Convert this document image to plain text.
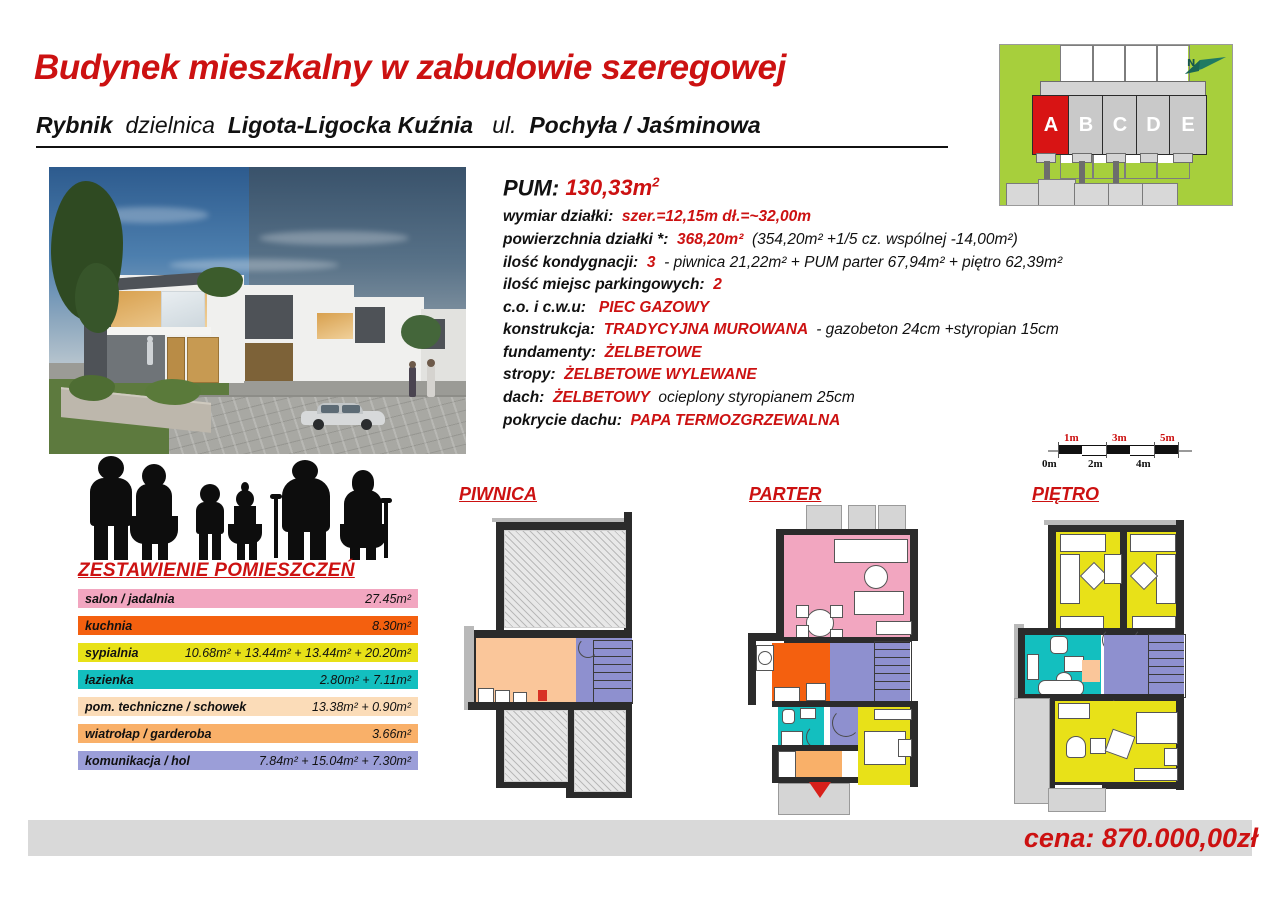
Budynek mieszkalny w zabudowie szeregowej
Rybnik dzielnica Ligota-Ligocka Kuźnia ul. Pochyła / Jaśminowa	A B C D E
N
PUM: $130,33m^2$
wymiar działki: szer.=12,15m dł.=~32,00m
powierzchnia działki *: 368,20m² (354,20m² +1/5 cz. wspólnej -14,00m²)
ilość kondygnacji: 3 - piwnica 21,22m² + PUM parter 67,94m² + piętro 62,39m²
ilość miejsc parkingowych: 2
c.o. i c.w.u: PIEC GAZOWY
konstrukcja: TRADYCYJNA MUROWANA - gazobeton 24cm +styropian 15cm
fundamenty: ŻELBETOWE
stropy: ŻELBETOWE WYLEWANE
dach: ŻELBETOWY ocieplony styropianem 25cm
pokrycie dachu: PAPA TERMOZGRZEWALNA
1m	3m	5m
0m	2m	4m
ZESTAWIENIE POMIESZCZEŃ
salon / jadalnia	27.45m²
kuchnia	8.30m²
sypialnia	10.68m² + 13.44m² + 13.44m² + 20.20m²
łazienka	2.80m² + 7.11m²
pom. techniczne / schowek	13.38m² + 0.90m²
wiatrołap / garderoba	3.66m²
komunikacja / hol	7.84m² + 15.04m² + 7.30m²
PIWNICA	PARTER	PIĘTRO
cena: 870.000,00zł
